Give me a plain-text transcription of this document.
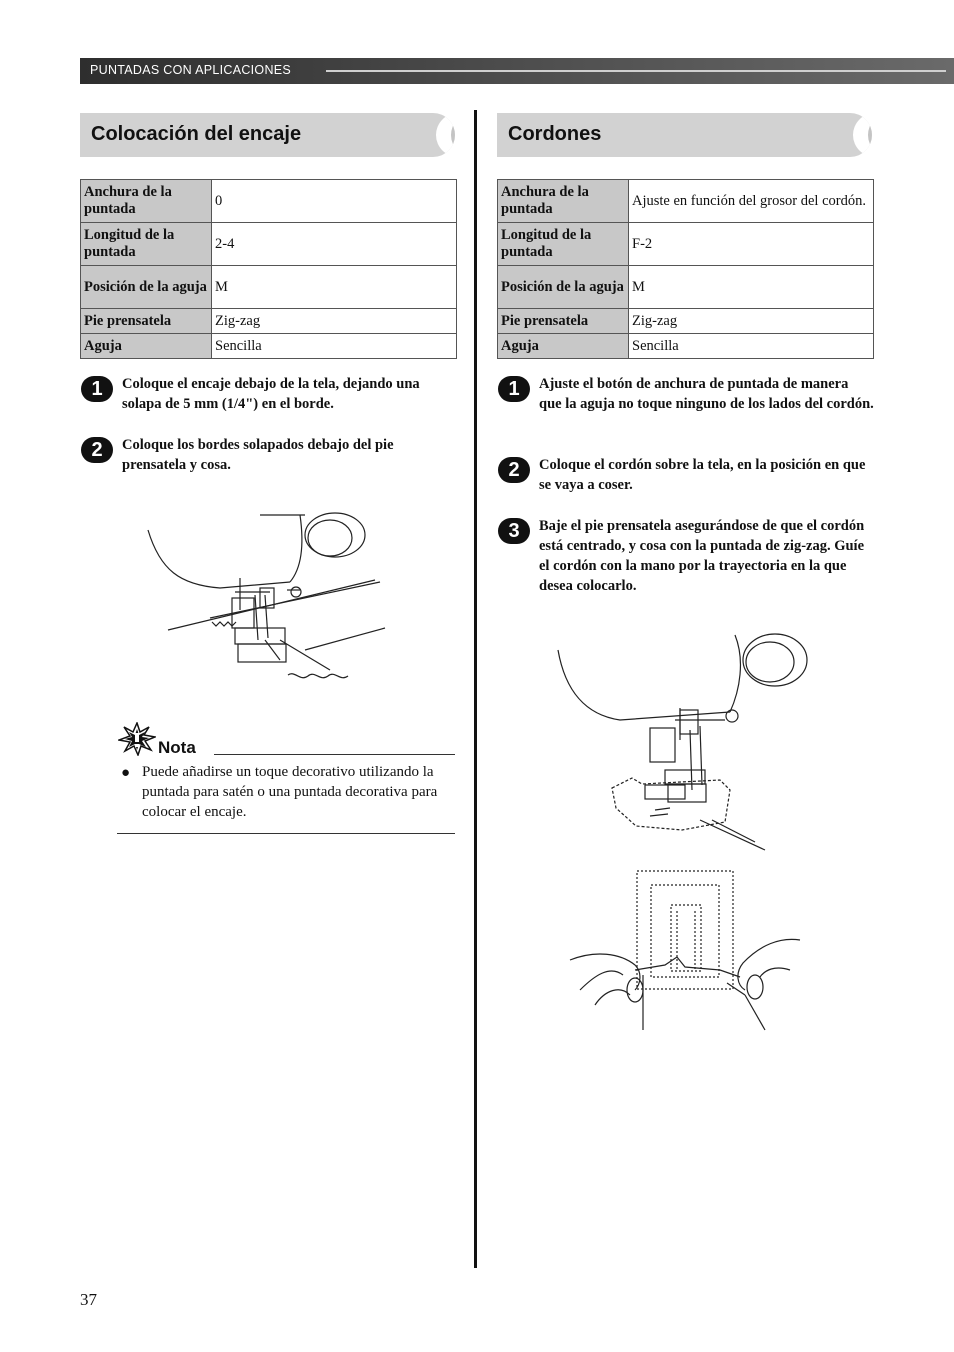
PUNTADAS CON APLICACIONES
Colocación del encaje	Cordones
Anchura de la puntada	0
Longitud de la puntada	2-4
Posición de la aguja	M
Pie prensatela	Zig-zag
Aguja	Sencilla
Anchura de la puntada	Ajuste en función del grosor del cordón.
Longitud de la puntada	F-2
Posición de la aguja	M
Pie prensatela	Zig-zag
Aguja	Sencilla
1	Coloque el encaje debajo de la tela, dejando una solapa de 5 mm (1/4") en el borde.
2	Coloque los bordes solapados debajo del pie prensatela y cosa.
1	Ajuste el botón de anchura de puntada de manera que la aguja no toque ninguno de los lados del cordón.
2	Coloque el cordón sobre la tela, en la posición en que se vaya a coser.
3	Baje el pie prensatela asegurándose de que el cordón está centrado, y cosa con la puntada de zig-zag. Guíe el cordón con la mano por la trayectoria en la que desea colocarlo.
Nota
● Puede añadirse un toque decorativo utilizando la puntada para satén o una puntada decorativa para colocar el encaje.
37
